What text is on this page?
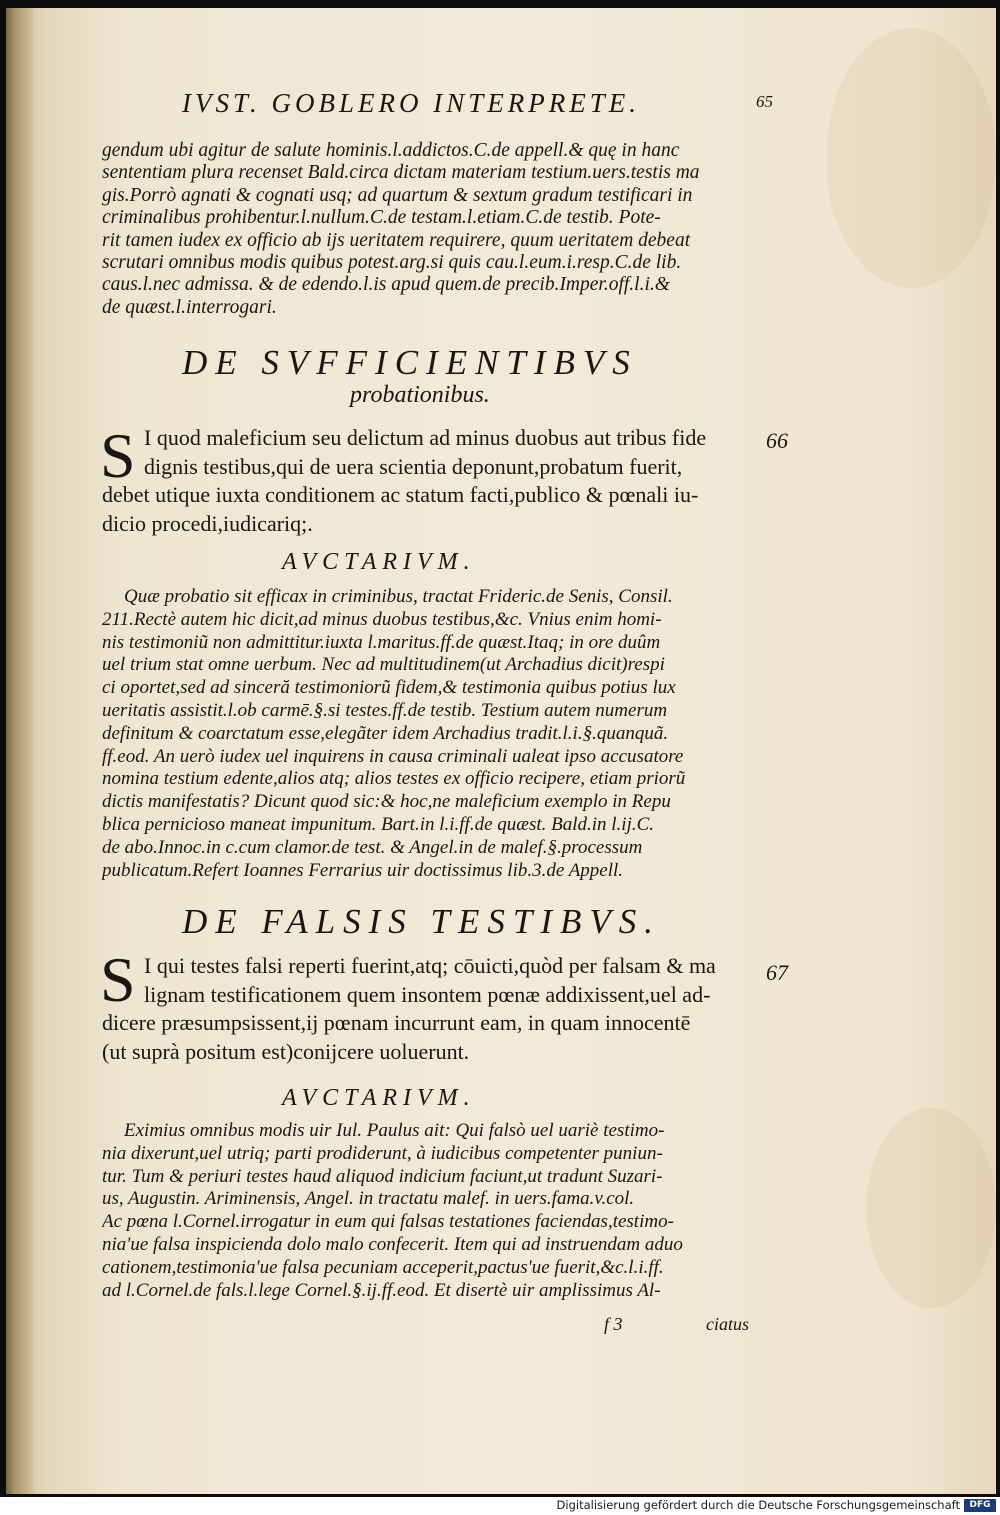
IVST. GOBLERO INTERPRETE.	65
gendum ubi agitur de salute hominis.l.addictos.C.de appell.& quę in hanc
sententiam plura recenset Bald.circa dictam materiam testium.uers.testis ma
gis.Porrò agnati & cognati usq; ad quartum & sextum gradum testificari in
criminalibus prohibentur.l.nullum.C.de testam.l.etiam.C.de testib. Pote-
rit tamen iudex ex officio ab ijs ueritatem requirere, quum ueritatem debeat
scrutari omnibus modis quibus potest.arg.si quis cau.l.eum.i.resp.C.de lib.
caus.l.nec admissa. & de edendo.l.is apud quem.de precib.Imper.off.l.i.&
de quæst.l.interrogari.
DE SVFFICIENTIBVS
probationibus.
S	66
I quod maleficium seu delictum ad minus duobus aut tribus fide
dignis testibus,qui de uera scientia deponunt,probatum fuerit,
debet utique iuxta conditionem ac statum facti,publico & pœnali iu-
dicio procedi,iudicariq;.
AVCTARIVM.
Quæ probatio sit efficax in criminibus, tractat Frideric.de Senis, Consil.
211.Rectè autem hic dicit,ad minus duobus testibus,&c. Vnius enim homi-
nis testimoniũ non admittitur.iuxta l.maritus.ff.de quæst.Itaq; in ore duûm
uel trium stat omne uerbum. Nec ad multitudinem(ut Archadius dicit)respi
ci oportet,sed ad sinceră testimoniorũ fidem,& testimonia quibus potius lux
ueritatis assistit.l.ob carmē.§.si testes.ff.de testib. Testium autem numerum
definitum & coarctatum esse,elegãter idem Archadius tradit.l.i.§.quanquã.
ff.eod. An uerò iudex uel inquirens in causa criminali ualeat ipso accusatore
nomina testium edente,alios atq; alios testes ex officio recipere, etiam priorũ
dictis manifestatis? Dicunt quod sic:& hoc,ne maleficium exemplo in Repu
blica pernicioso maneat impunitum. Bart.in l.i.ff.de quæst. Bald.in l.ij.C.
de abo.Innoc.in c.cum clamor.de test. & Angel.in de malef.§.processum
publicatum.Refert Ioannes Ferrarius uir doctissimus lib.3.de Appell.
DE FALSIS TESTIBVS.
S	67
I qui testes falsi reperti fuerint,atq; cōuicti,quòd per falsam & ma
lignam testificationem quem insontem pœnæ addixissent,uel ad-
dicere præsumpsissent,ij pœnam incurrunt eam, in quam innocentē
(ut suprà positum est)conijcere uoluerunt.
AVCTARIVM.
Eximius omnibus modis uir Iul. Paulus ait: Qui falsò uel uariè testimo-
nia dixerunt,uel utriq; parti prodiderunt, à iudicibus competenter puniun-
tur. Tum & periuri testes haud aliquod indicium faciunt,ut tradunt Suzari-
us, Augustin. Ariminensis, Angel. in tractatu malef. in uers.fama.v.col.
Ac pœna l.Cornel.irrogatur in eum qui falsas testationes faciendas,testimo-
nia'ue falsa inspicienda dolo malo confecerit. Item qui ad instruendam aduo
cationem,testimonia'ue falsa pecuniam acceperit,pactus'ue fuerit,&c.l.i.ff.
ad l.Cornel.de fals.l.lege Cornel.§.ij.ff.eod. Et disertè uir amplissimus Al-
f 3	ciatus
Digitalisierung gefördert durch die Deutsche Forschungsgemeinschaft	DFG
